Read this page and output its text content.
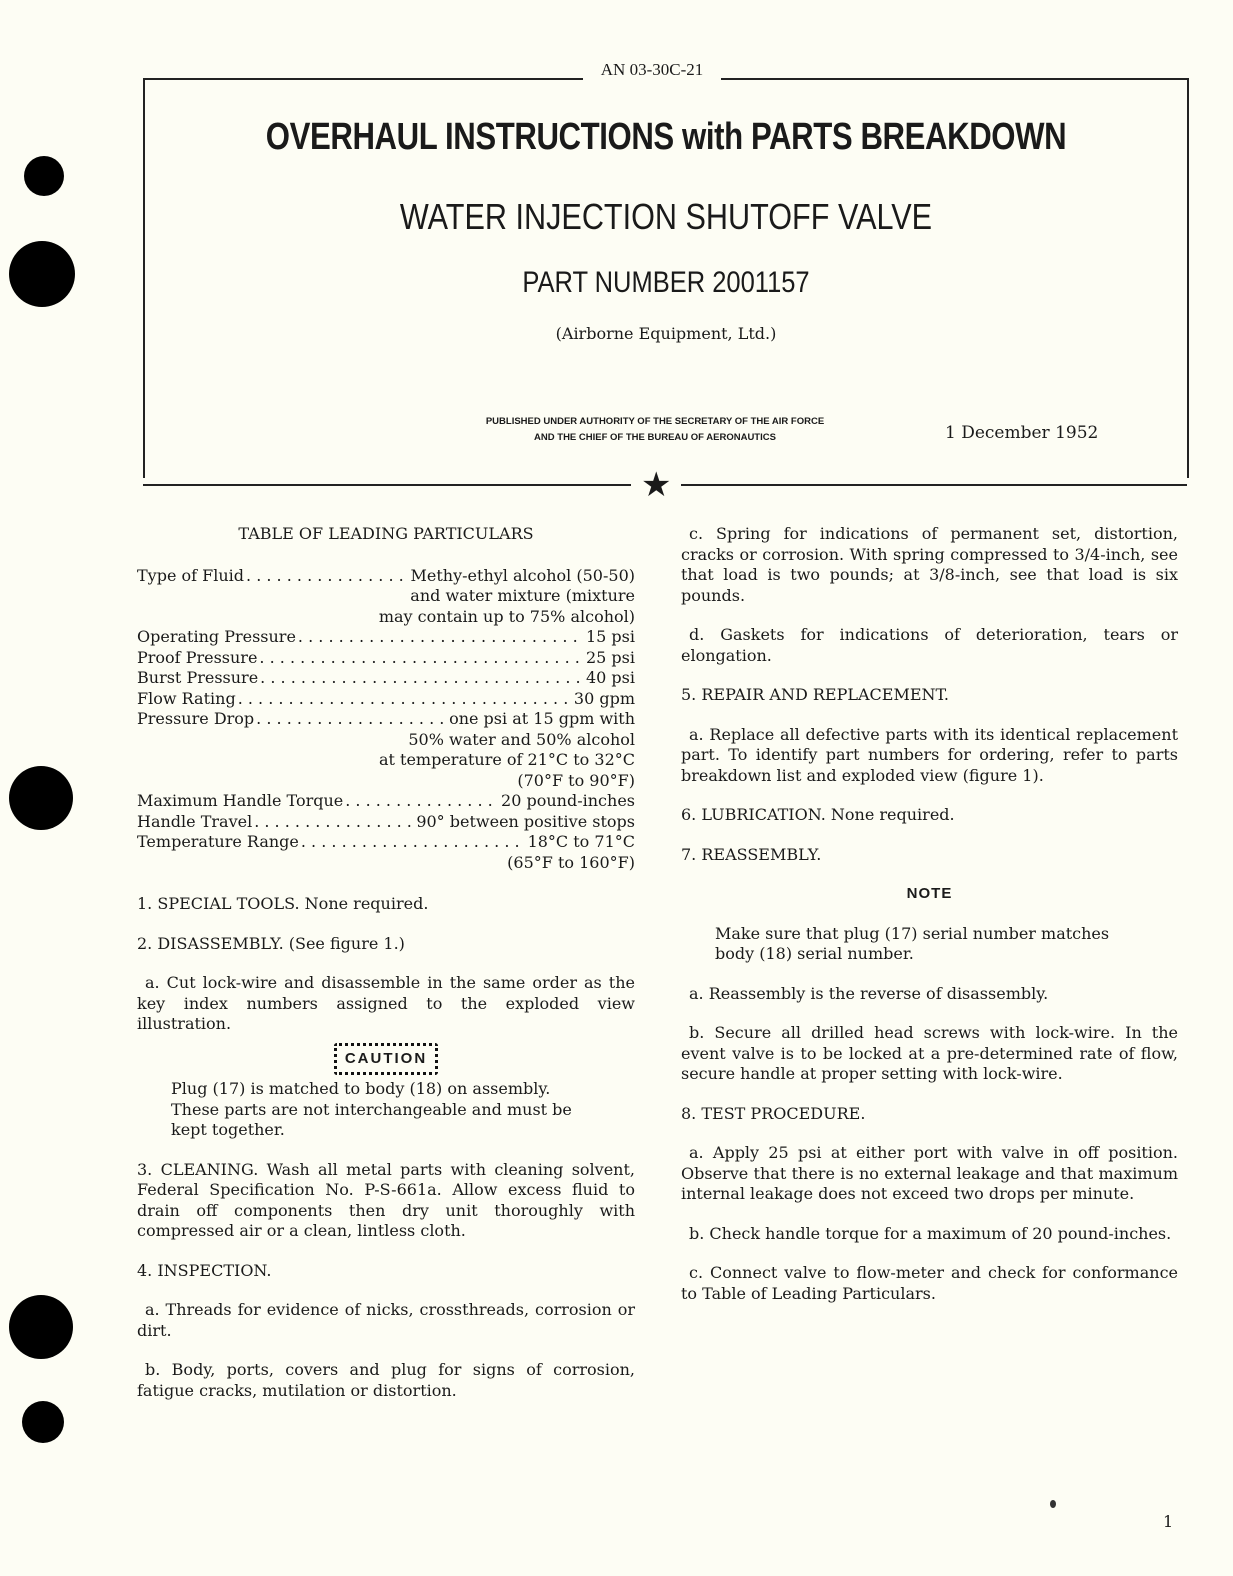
AN 03-30C-21
OVERHAUL INSTRUCTIONS with PARTS BREAKDOWN
WATER INJECTION SHUTOFF VALVE
PART NUMBER 2001157
(Airborne Equipment, Ltd.)
PUBLISHED UNDER AUTHORITY OF THE SECRETARY OF THE AIR FORCE
AND THE CHIEF OF THE BUREAU OF AERONAUTICS	1 December 1952
★
TABLE OF LEADING PARTICULARS
Type of Fluid . . .	Methy-ethyl alcohol (50-50)
and water mixture (mixture
may contain up to 75% alcohol)
Operating Pressure . . .	15 psi
Proof Pressure . . .	25 psi
Burst Pressure . . .	40 psi
Flow Rating . . .	30 gpm
Pressure Drop . . .	one psi at 15 gpm with
50% water and 50% alcohol
at temperature of 21°C to 32°C
(70°F to 90°F)
Maximum Handle Torque . . .	20 pound-inches
Handle Travel . . .	90° between positive stops
Temperature Range . . .	18°C to 71°C
(65°F to 160°F)

1. SPECIAL TOOLS. None required.

2. DISASSEMBLY. (See figure 1.)

a. Cut lock-wire and disassemble in the same order as the key index numbers assigned to the exploded view illustration.

CAUTION

Plug (17) is matched to body (18) on assembly. These parts are not interchangeable and must be kept together.

3. CLEANING. Wash all metal parts with cleaning solvent, Federal Specification No. P-S-661a. Allow excess fluid to drain off components then dry unit thoroughly with compressed air or a clean, lintless cloth.

4. INSPECTION.

a. Threads for evidence of nicks, crossthreads, corrosion or dirt.

b. Body, ports, covers and plug for signs of corrosion, fatigue cracks, mutilation or distortion.

c. Spring for indications of permanent set, distortion, cracks or corrosion. With spring compressed to 3/4-inch, see that load is two pounds; at 3/8-inch, see that load is six pounds.

d. Gaskets for indications of deterioration, tears or elongation.

5. REPAIR AND REPLACEMENT.

a. Replace all defective parts with its identical replacement part. To identify part numbers for ordering, refer to parts breakdown list and exploded view (figure 1).

6. LUBRICATION. None required.

7. REASSEMBLY.

NOTE

Make sure that plug (17) serial number matches body (18) serial number.

a. Reassembly is the reverse of disassembly.

b. Secure all drilled head screws with lock-wire. In the event valve is to be locked at a pre-determined rate of flow, secure handle at proper setting with lock-wire.

8. TEST PROCEDURE.

a. Apply 25 psi at either port with valve in off position. Observe that there is no external leakage and that maximum internal leakage does not exceed two drops per minute.

b. Check handle torque for a maximum of 20 pound-inches.

c. Connect valve to flow-meter and check for conformance to Table of Leading Particulars.

1
